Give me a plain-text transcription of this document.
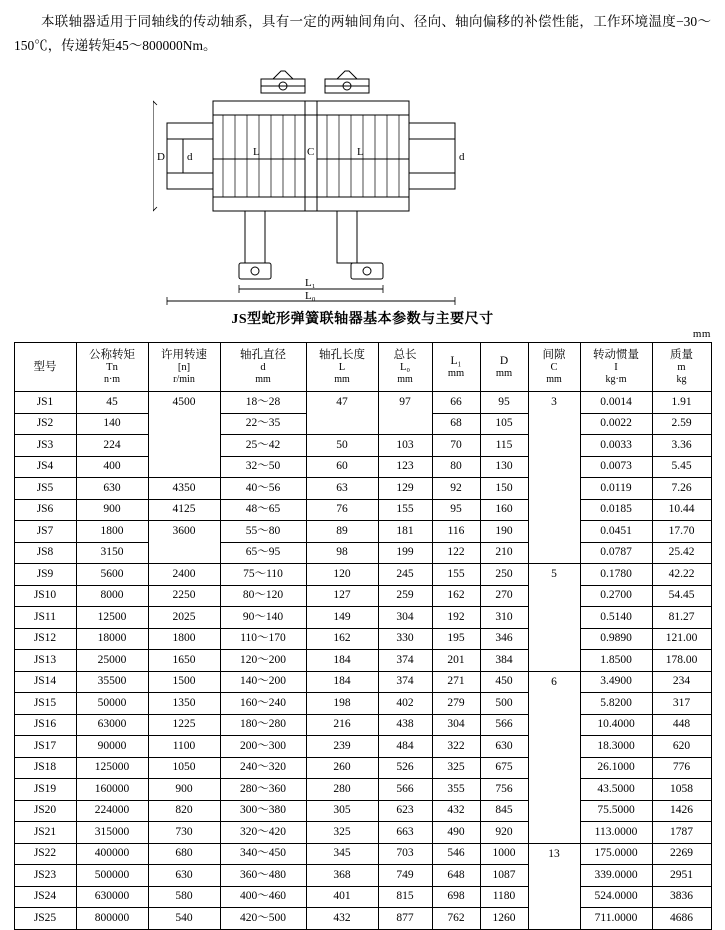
本联轴器适用于同轴线的传动轴系，具有一定的两轴间角向、径向、轴向偏移的补偿性能，工作环境温度−30～150℃，传递转矩45～800000Nm。
D d	L	C	L	d
L₁
L₀
JS型蛇形弹簧联轴器基本参数与主要尺寸
mm
型号	公称转矩
Tn
n·m	许用转速
[n]
r/min	轴孔直径
d
mm	轴孔长度
L
mm	总长
L₀
mm	L₁
mm	D
mm	间隙
C
mm	转动惯量
I
kg·m	质量
m
kg

JS1	45	4500	18～28	47	97	66	95	3	0.0014	1.91
JS2	140		22～35			68	105		0.0022	2.59
JS3	224		25～42	50	103	70	115		0.0033	3.36
JS4	400		32～50	60	123	80	130		0.0073	5.45
JS5	630	4350	40～56	63	129	92	150		0.0119	7.26
JS6	900	4125	48～65	76	155	95	160		0.0185	10.44
JS7	1800	3600	55～80	89	181	116	190		0.0451	17.70
JS8	3150		65～95	98	199	122	210		0.0787	25.42
JS9	5600	2400	75～110	120	245	155	250	5	0.1780	42.22
JS10	8000	2250	80～120	127	259	162	270		0.2700	54.45
JS11	12500	2025	90～140	149	304	192	310		0.5140	81.27
JS12	18000	1800	110～170	162	330	195	346		0.9890	121.00
JS13	25000	1650	120～200	184	374	201	384		1.8500	178.00
JS14	35500	1500	140～200	184	374	271	450	6	3.4900	234
JS15	50000	1350	160～240	198	402	279	500		5.8200	317
JS16	63000	1225	180～280	216	438	304	566		10.4000	448
JS17	90000	1100	200～300	239	484	322	630		18.3000	620
JS18	125000	1050	240～320	260	526	325	675		26.1000	776
JS19	160000	900	280～360	280	566	355	756		43.5000	1058
JS20	224000	820	300～380	305	623	432	845		75.5000	1426
JS21	315000	730	320～420	325	663	490	920		113.0000	1787
JS22	400000	680	340～450	345	703	546	1000	13	175.0000	2269
JS23	500000	630	360～480	368	749	648	1087		339.0000	2951
JS24	630000	580	400～460	401	815	698	1180		524.0000	3836
JS25	800000	540	420～500	432	877	762	1260		711.0000	4686
